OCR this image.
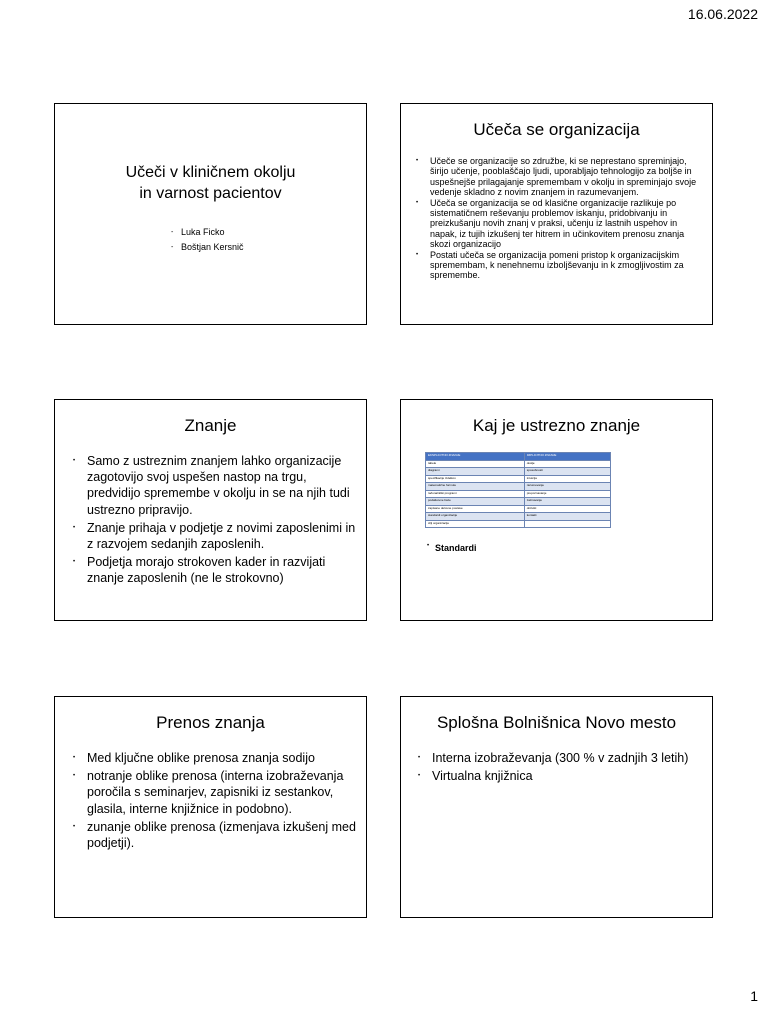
16.06.2022
Učeči v kliničnem okolju
in varnost pacientov
- Luka Ficko
- Boštjan Kersnič
Učeča se organizacija
• Učeče se organizacije so združbe, ki se neprestano spreminjajo, širijo učenje, pooblaščajo ljudi, uporabljajo tehnologijo za boljše in uspešnejše prilagajanje spremembam v okolju in spreminjajo svoje vedenje skladno z novim znanjem in razumevanjem.
• Učeča se organizacija se od klasične organizacije razlikuje po sistematičnem reševanju problemov iskanju, pridobivanju in preizkušanju novih znanj v praksi, učenju iz lastnih uspehov in napak, iz tujih izkušenj ter hitrem in učinkovitem prenosu znanja skozi organizacijo
• Postati učeča se organizacija pomeni pristop k organizacijskim spremembam, k nenehnemu izboljševanju in k zmogljivostim za spremembe.
Znanje
• Samo z ustreznim znanjem lahko organizacije zagotovijo svoj uspešen nastop na trgu, predvidijo spremembe v okolju in se na njih tudi ustrezno pripravijo.
• Znanje prihaja v podjetje z novimi zaposlenimi in z razvojem sedanjih zaposlenih.
• Podjetja morajo strokoven kader in razvijati znanje zaposlenih (ne le strokovno)
Kaj je ustrezno znanje
EKSPLICITNO ZNANJE	IMPLICITNO ZNANJE
tabele	okolje
diagrami	sposobnosti
specifikacije izdelkov	intuicija
matematične formule	razumevanje
računalniški programi	prepoznavanje
podatkovne baze	zaznavanje
zapisane delovne postave	občutki
standardi organizacije	kontakt
cilji organizacije	
• Standardi
Prenos znanja
• Med ključne oblike prenosa znanja sodijo
• notranje oblike prenosa (interna izobraževanja poročila s seminarjev, zapisniki iz sestankov, glasila, interne knjižnice in podobno).
• zunanje oblike prenosa (izmenjava izkušenj med podjetji).
Splošna Bolnišnica Novo mesto
• Interna izobraževanja (300 % v zadnjih 3 letih)
• Virtualna knjižnica
1
